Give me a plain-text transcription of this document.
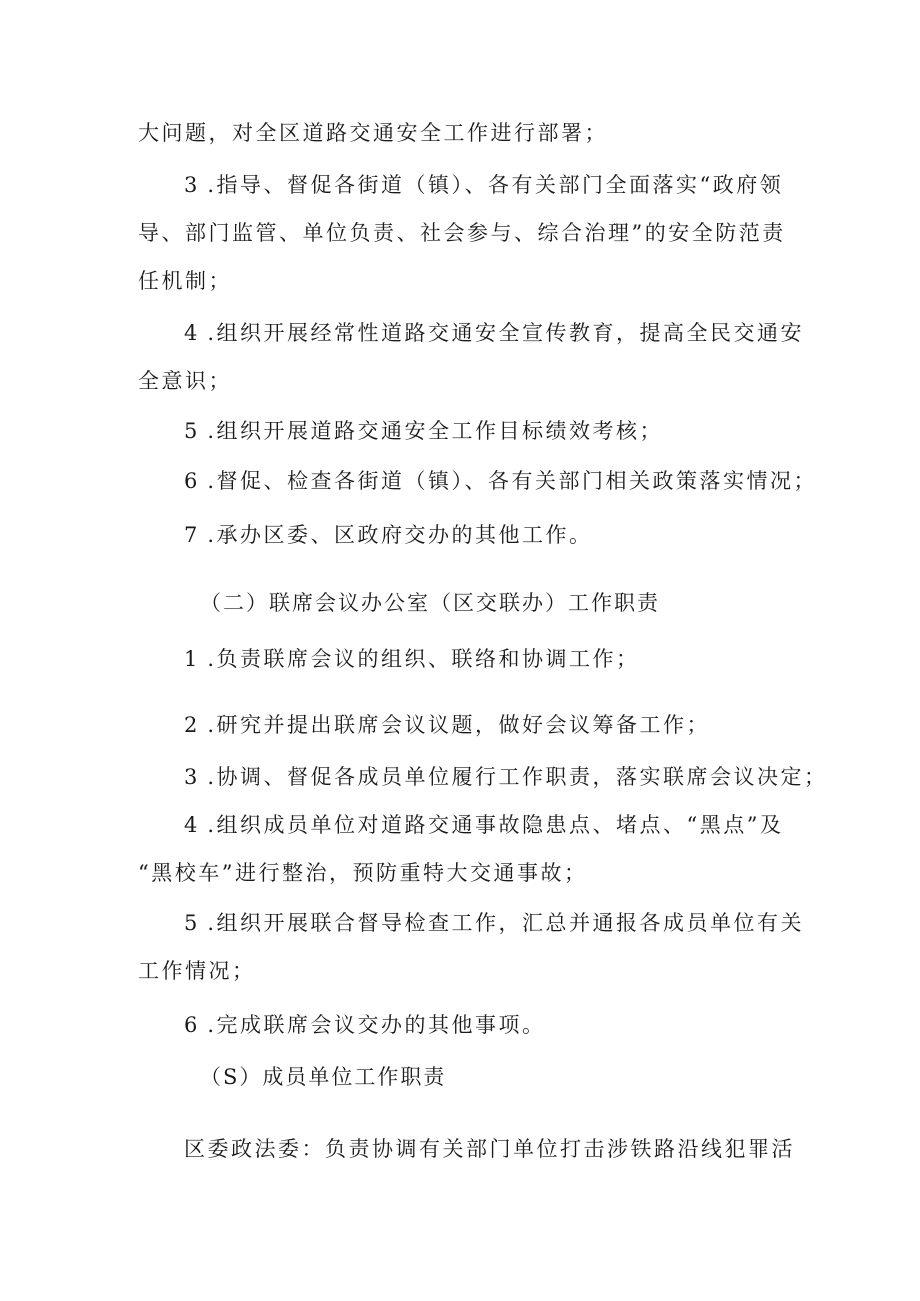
大问题，对全区道路交通安全工作进行部署；
3 .指导、督促各街道（镇）、各有关部门全面落实“政府领
导、部门监管、单位负责、社会参与、综合治理”的安全防范责
任机制；
4 .组织开展经常性道路交通安全宣传教育，提高全民交通安
全意识；
5 .组织开展道路交通安全工作目标绩效考核；
6 .督促、检查各街道（镇）、各有关部门相关政策落实情况；
7 .承办区委、区政府交办的其他工作。
（二）联席会议办公室（区交联办）工作职责
1 .负责联席会议的组织、联络和协调工作；
2 .研究并提出联席会议议题，做好会议筹备工作；
3 .协调、督促各成员单位履行工作职责，落实联席会议决定；
4 .组织成员单位对道路交通事故隐患点、堵点、“黑点”及
“黑校车”进行整治，预防重特大交通事故；
5 .组织开展联合督导检查工作，汇总并通报各成员单位有关
工作情况；
6 .完成联席会议交办的其他事项。
（S）成员单位工作职责
区委政法委：负责协调有关部门单位打击涉铁路沿线犯罪活
